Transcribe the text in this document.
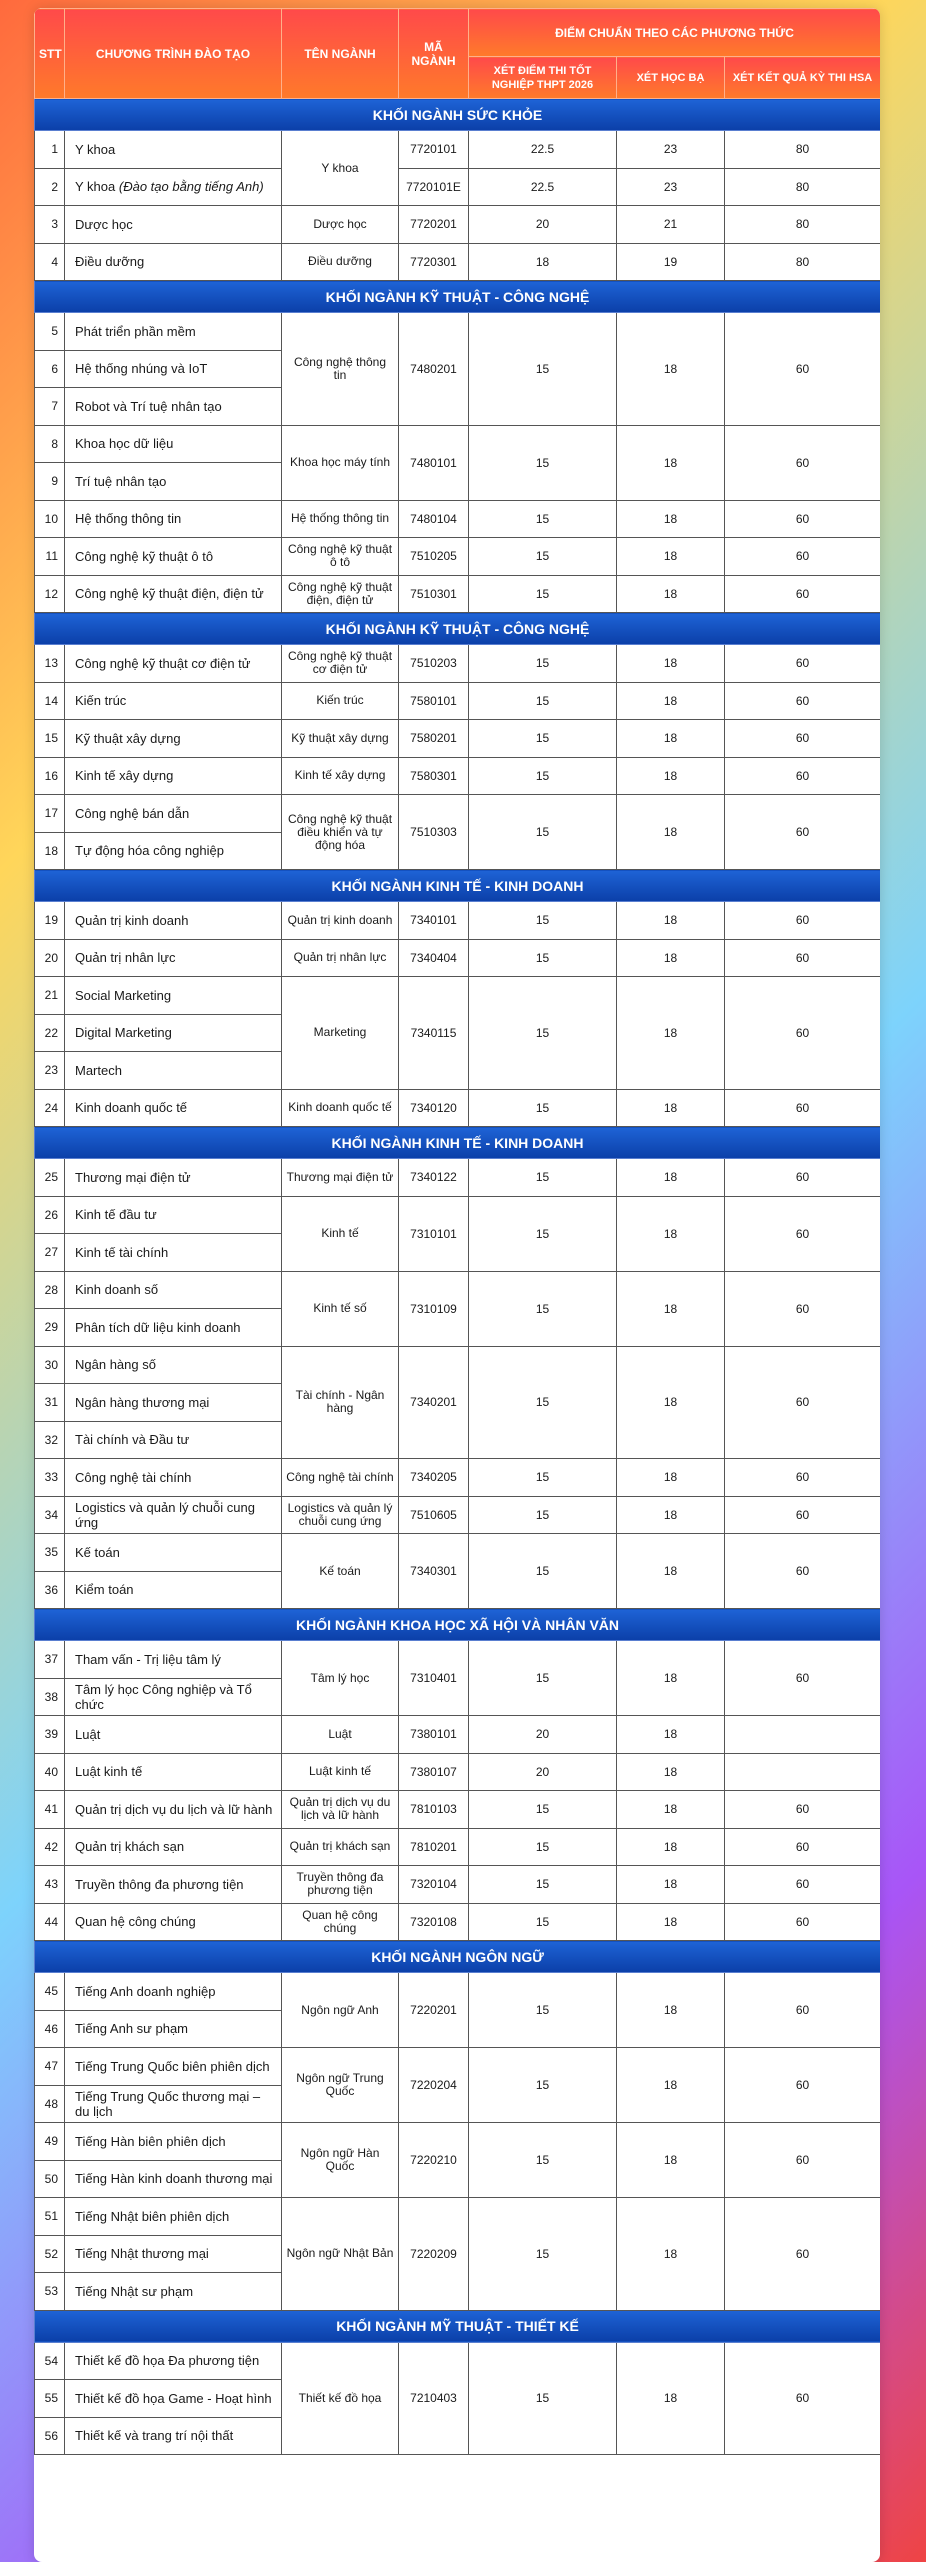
STT	CHƯƠNG TRÌNH ĐÀO TẠO	TÊN NGÀNH	MÃ NGÀNH	ĐIỂM CHUẨN THEO CÁC PHƯƠNG THỨC		
				XÉT ĐIỂM THI TỐT NGHIỆP THPT 2026	XÉT HỌC BẠ	XÉT KẾT QUẢ KỲ THI HSA
KHỐI NGÀNH SỨC KHỎE						
1	Y khoa	Y khoa	7720101	22.5	23	80
2	Y khoa (Đào tạo bằng tiếng Anh)		7720101E	22.5	23	80
3	Dược học	Dược học	7720201	20	21	80
4	Điều dưỡng	Điều dưỡng	7720301	18	19	80
KHỐI NGÀNH KỸ THUẬT - CÔNG NGHỆ						
5	Phát triển phần mềm	Công nghệ thông tin	7480201	15	18	60
6	Hệ thống nhúng và IoT					
7	Robot và Trí tuệ nhân tạo					
8	Khoa học dữ liệu	Khoa học máy tính	7480101	15	18	60
9	Trí tuệ nhân tạo					
10	Hệ thống thông tin	Hệ thống thông tin	7480104	15	18	60
11	Công nghệ kỹ thuật ô tô	Công nghệ kỹ thuật ô tô	7510205	15	18	60
12	Công nghệ kỹ thuật điện, điện tử	Công nghệ kỹ thuật điện, điện tử	7510301	15	18	60
KHỐI NGÀNH KỸ THUẬT - CÔNG NGHỆ						
13	Công nghệ kỹ thuật cơ điện tử	Công nghệ kỹ thuật cơ điện tử	7510203	15	18	60
14	Kiến trúc	Kiến trúc	7580101	15	18	60
15	Kỹ thuật xây dựng	Kỹ thuật xây dựng	7580201	15	18	60
16	Kinh tế xây dựng	Kinh tế xây dựng	7580301	15	18	60
17	Công nghệ bán dẫn	Công nghệ kỹ thuật điều khiển và tự động hóa	7510303	15	18	60
18	Tự động hóa công nghiệp					
KHỐI NGÀNH KINH TẾ - KINH DOANH						
19	Quản trị kinh doanh	Quản trị kinh doanh	7340101	15	18	60
20	Quản trị nhân lực	Quản trị nhân lực	7340404	15	18	60
21	Social Marketing	Marketing	7340115	15	18	60
22	Digital Marketing					
23	Martech					
24	Kinh doanh quốc tế	Kinh doanh quốc tế	7340120	15	18	60
KHỐI NGÀNH KINH TẾ - KINH DOANH						
25	Thương mại điện tử	Thương mại điện tử	7340122	15	18	60
26	Kinh tế đầu tư	Kinh tế	7310101	15	18	60
27	Kinh tế tài chính					
28	Kinh doanh số	Kinh tế số	7310109	15	18	60
29	Phân tích dữ liệu kinh doanh					
30	Ngân hàng số	Tài chính - Ngân hàng	7340201	15	18	60
31	Ngân hàng thương mại					
32	Tài chính và Đầu tư					
33	Công nghệ tài chính	Công nghệ tài chính	7340205	15	18	60
34	Logistics và quản lý chuỗi cung ứng	Logistics và quản lý chuỗi cung ứng	7510605	15	18	60
35	Kế toán	Kế toán	7340301	15	18	60
36	Kiểm toán					
KHỐI NGÀNH KHOA HỌC XÃ HỘI VÀ NHÂN VĂN						
37	Tham vấn - Trị liệu tâm lý	Tâm lý học	7310401	15	18	60
38	Tâm lý học Công nghiệp và Tổ chức					
39	Luật	Luật	7380101	20	18	
40	Luật kinh tế	Luật kinh tế	7380107	20	18	
41	Quản trị dịch vụ du lịch và lữ hành	Quản trị dịch vụ du lịch và lữ hành	7810103	15	18	60
42	Quản trị khách sạn	Quản trị khách sạn	7810201	15	18	60
43	Truyền thông đa phương tiện	Truyền thông đa phương tiện	7320104	15	18	60
44	Quan hệ công chúng	Quan hệ công chúng	7320108	15	18	60
KHỐI NGÀNH NGÔN NGỮ						
45	Tiếng Anh doanh nghiệp	Ngôn ngữ Anh	7220201	15	18	60
46	Tiếng Anh sư phạm					
47	Tiếng Trung Quốc biên phiên dịch	Ngôn ngữ Trung Quốc	7220204	15	18	60
48	Tiếng Trung Quốc thương mại – du lịch					
49	Tiếng Hàn biên phiên dịch	Ngôn ngữ Hàn Quốc	7220210	15	18	60
50	Tiếng Hàn kinh doanh thương mại					
51	Tiếng Nhật biên phiên dịch	Ngôn ngữ Nhật Bản	7220209	15	18	60
52	Tiếng Nhật thương mại					
53	Tiếng Nhật sư phạm					
KHỐI NGÀNH MỸ THUẬT - THIẾT KẾ						
54	Thiết kế đồ họa Đa phương tiện	Thiết kế đồ họa	7210403	15	18	60
55	Thiết kế đồ họa Game - Hoạt hình					
56	Thiết kế và trang trí nội thất					
